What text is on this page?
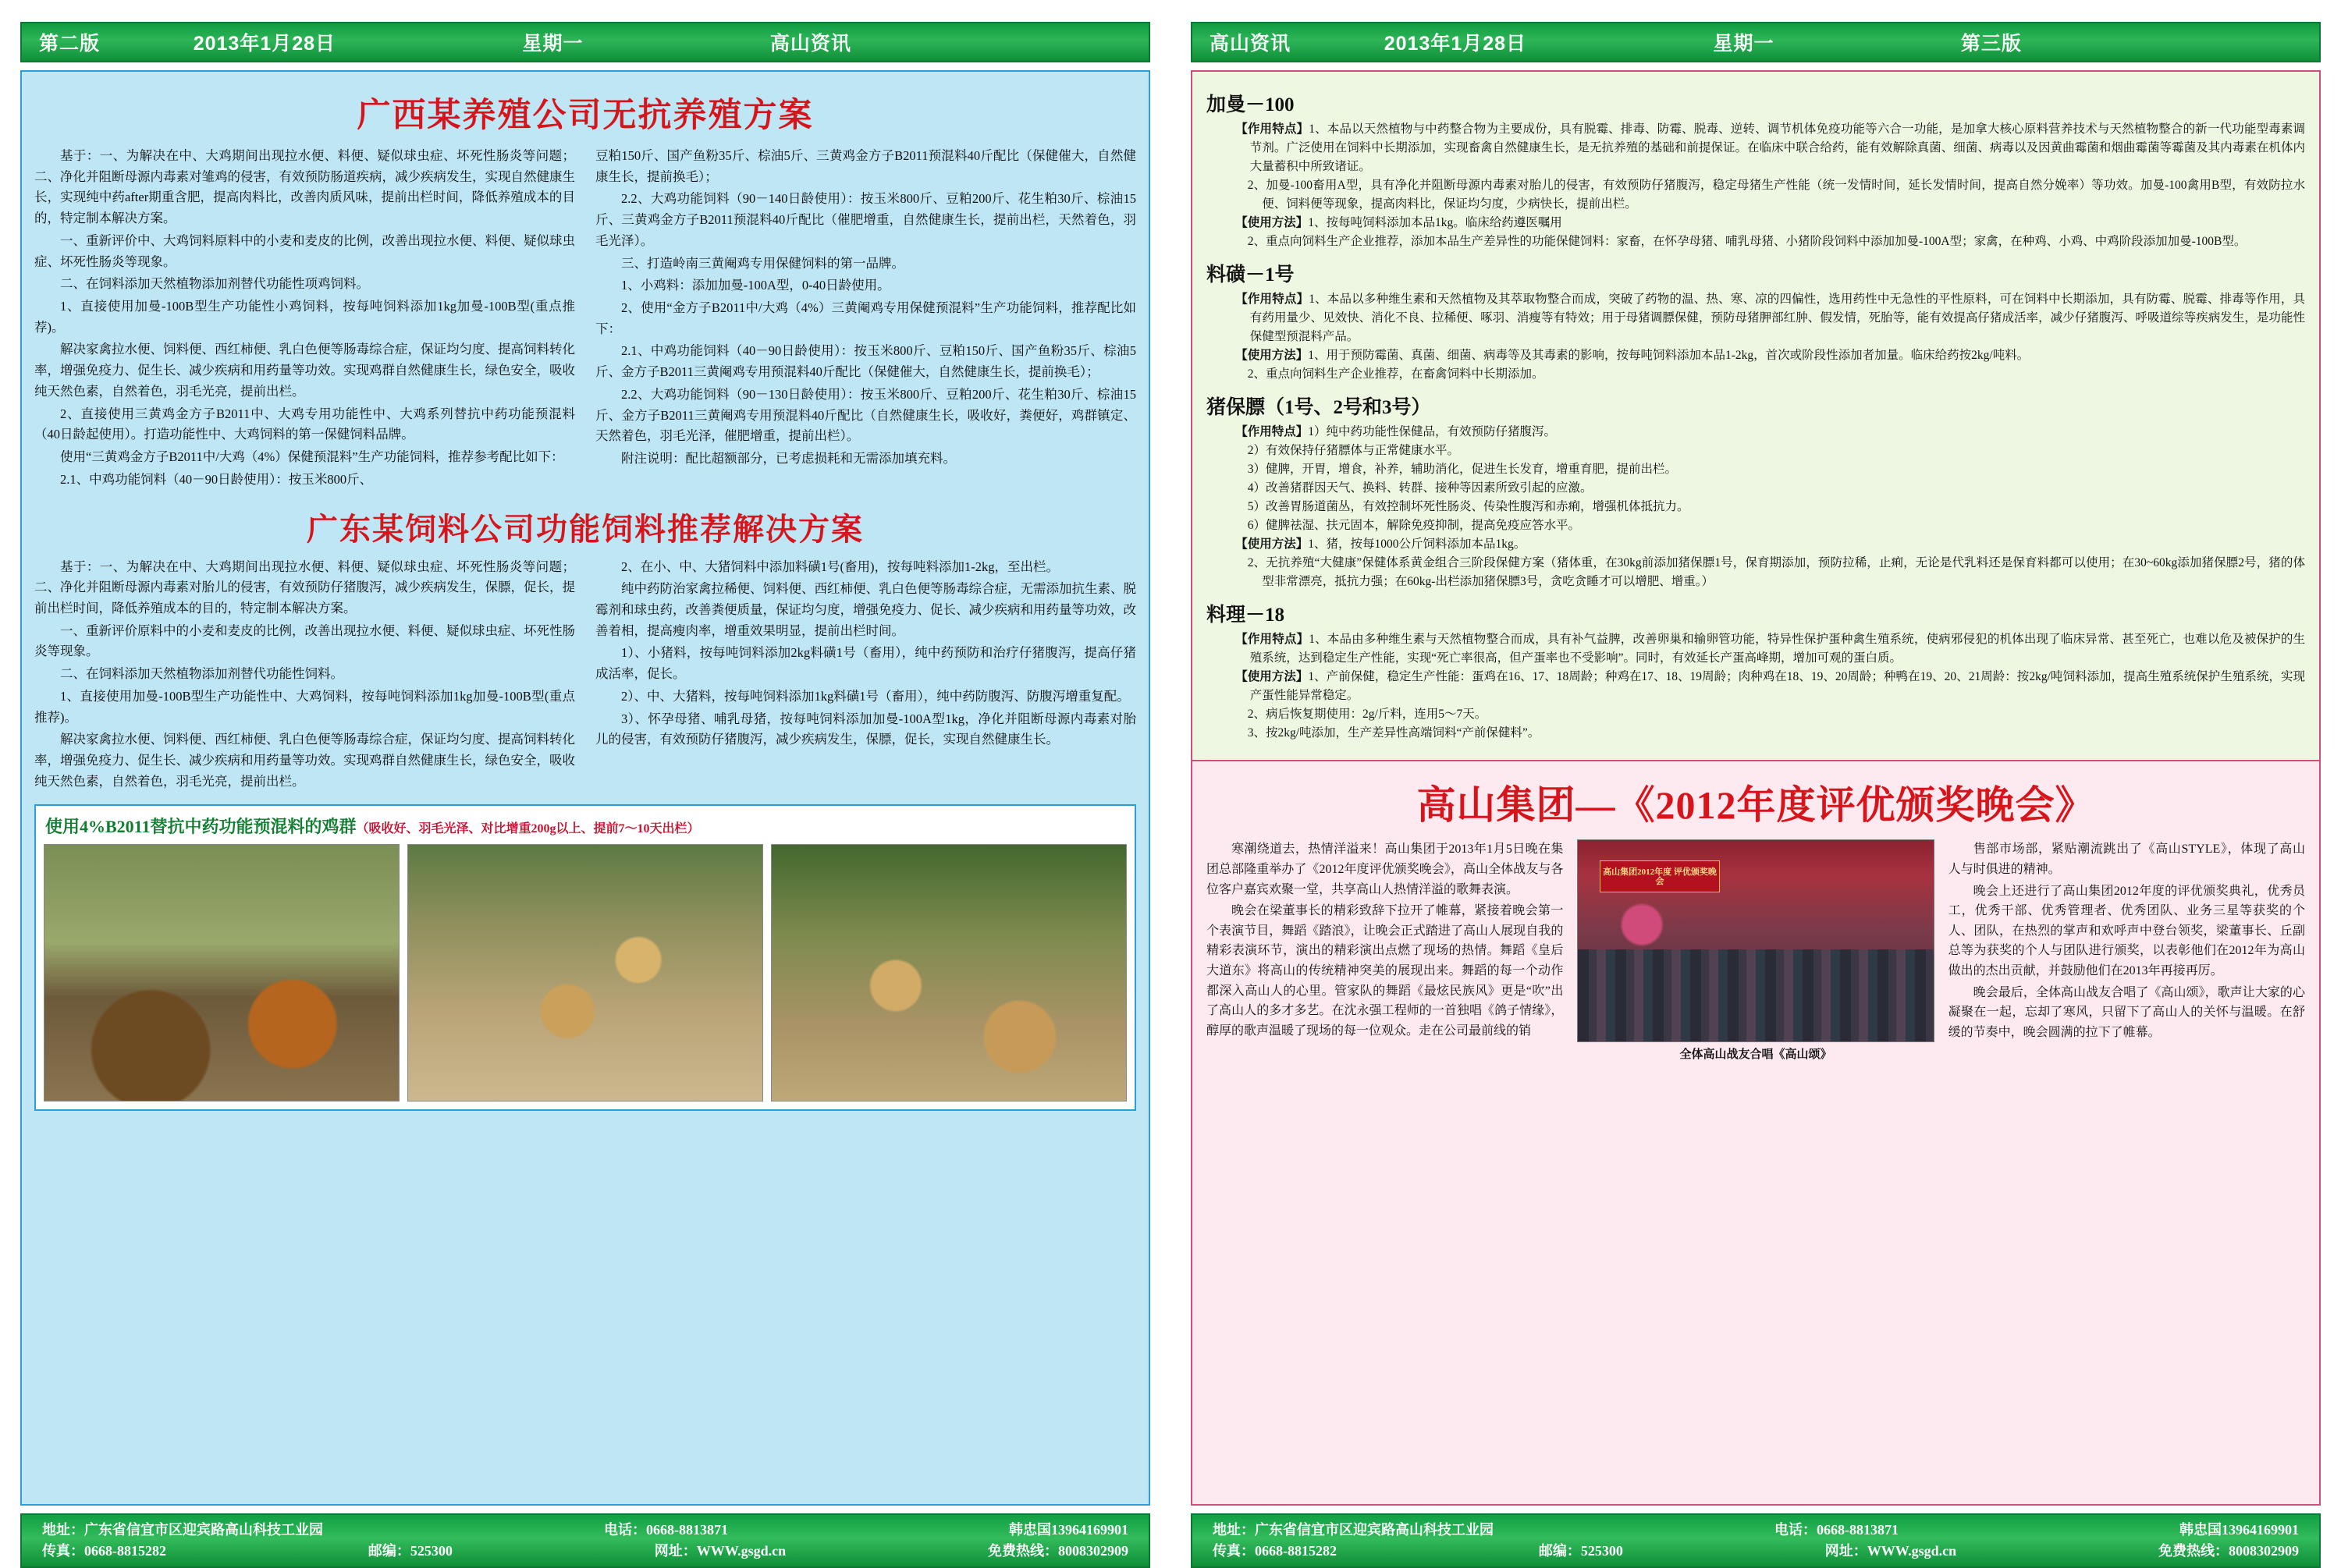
第二版	2013年1月28日	星期一	高山资讯
广西某养殖公司无抗养殖方案

基于：一、为解决在中、大鸡期间出现拉水便、料便、疑似球虫症、坏死性肠炎等问题；二、净化并阻断母源内毒素对雏鸡的侵害，有效预防肠道疾病，减少疾病发生，实现自然健康生长，实现纯中药after期重含肥，提高肉料比，改善肉质风味，提前出栏时间，降低养殖成本的目的，特定制本解决方案。

一、重新评价中、大鸡饲料原料中的小麦和麦皮的比例，改善出现拉水便、料便、疑似球虫症、坏死性肠炎等现象。

二、在饲料添加天然植物添加剂替代功能性项鸡饲料。

1、直接使用加曼-100B型生产功能性小鸡饲料，按每吨饲料添加1kg加曼-100B型(重点推荐)。

解决家禽拉水便、饲料便、西红柿便、乳白色便等肠毒综合症，保证均匀度、提高饲料转化率，增强免疫力、促生长、减少疾病和用药量等功效。实现鸡群自然健康生长，绿色安全，吸收纯天然色素，自然着色，羽毛光亮，提前出栏。

2、直接使用三黄鸡金方子B2011中、大鸡专用功能性中、大鸡系列替抗中药功能预混料（40日龄起使用）。打造功能性中、大鸡饲料的第一保健饲料品牌。

使用“三黄鸡金方子B2011中/大鸡（4%）保健预混料”生产功能饲料，推荐参考配比如下：

2.1、中鸡功能饲料（40－90日龄使用）：按玉米800斤、

豆粕150斤、国产鱼粉35斤、棕油5斤、三黄鸡金方子B2011预混料40斤配比（保健催大，自然健康生长，提前换毛）；

2.2、大鸡功能饲料（90－140日龄使用）：按玉米800斤、豆粕200斤、花生粕30斤、棕油15斤、三黄鸡金方子B2011预混料40斤配比（催肥增重，自然健康生长，提前出栏，天然着色，羽毛光泽）。

三、打造岭南三黄阉鸡专用保健饲料的第一品牌。

1、小鸡料：添加加曼-100A型，0-40日龄使用。

2、使用“金方子B2011中/大鸡（4%）三黄阉鸡专用保健预混料”生产功能饲料，推荐配比如下：

2.1、中鸡功能饲料（40－90日龄使用）：按玉米800斤、豆粕150斤、国产鱼粉35斤、棕油5斤、金方子B2011三黄阉鸡专用预混料40斤配比（保健催大，自然健康生长，提前换毛）；

2.2、大鸡功能饲料（90－130日龄使用）：按玉米800斤、豆粕200斤、花生粕30斤、棕油15斤、金方子B2011三黄阉鸡专用预混料40斤配比（自然健康生长，吸收好，粪便好，鸡群镇定、天然着色，羽毛光泽，催肥增重，提前出栏）。

附注说明：配比超额部分，已考虑损耗和无需添加填充料。

广东某饲料公司功能饲料推荐解决方案

基于：一、为解决在中、大鸡期间出现拉水便、料便、疑似球虫症、坏死性肠炎等问题；二、净化并阻断母源内毒素对胎儿的侵害，有效预防仔猪腹泻，减少疾病发生，保膘，促长，提前出栏时间，降低养殖成本的目的，特定制本解决方案。

一、重新评价原料中的小麦和麦皮的比例，改善出现拉水便、料便、疑似球虫症、坏死性肠炎等现象。

二、在饲料添加天然植物添加剂替代功能性饲料。

1、直接使用加曼-100B型生产功能性中、大鸡饲料，按每吨饲料添加1kg加曼-100B型(重点推荐)。

解决家禽拉水便、饲料便、西红柿便、乳白色便等肠毒综合症，保证均匀度、提高饲料转化率，增强免疫力、促生长、减少疾病和用药量等功效。实现鸡群自然健康生长，绿色安全，吸收纯天然色素，自然着色，羽毛光亮，提前出栏。

2、在小、中、大猪饲料中添加料磺1号(畜用)，按每吨料添加1-2kg，至出栏。

纯中药防治家禽拉稀便、饲料便、西红柿便、乳白色便等肠毒综合症，无需添加抗生素、脱霉剂和球虫药，改善粪便质量，保证均匀度，增强免疫力、促长、减少疾病和用药量等功效，改善着相，提高瘦肉率，增重效果明显，提前出栏时间。

1）、小猪料，按每吨饲料添加2kg料磺1号（畜用），纯中药预防和治疗仔猪腹泻，提高仔猪成活率，促长。

2）、中、大猪料，按每吨饲料添加1kg料磺1号（畜用），纯中药防腹泻、防腹泻增重复配。

3）、怀孕母猪、哺乳母猪，按每吨饲料添加加曼-100A型1kg，净化并阻断母源内毒素对胎儿的侵害，有效预防仔猪腹泻，减少疾病发生，保膘，促长，实现自然健康生长。

使用4%B2011替抗中药功能预混料的鸡群（吸收好、羽毛光泽、对比增重200g以上、提前7～10天出栏）
地址：广东省信宜市区迎宾路高山科技工业园	电话：0668-8813871	韩忠国13964169901
传真：0668-8815282	邮编：525300	网址：WWW.gsgd.cn	免费热线：8008302909
高山资讯	2013年1月28日	星期一	第三版
加曼－100
【作用特点】1、本品以天然植物与中药整合物为主要成份，具有脱霉、排毒、防霉、脱毒、逆转、调节机体免疫功能等六合一功能，是加拿大核心原料营养技术与天然植物整合的新一代功能型毒素调节剂。广泛使用在饲料中长期添加，实现畜禽自然健康生长，是无抗养殖的基础和前提保证。在临床中联合给药，能有效解除真菌、细菌、病毒以及因黄曲霉菌和烟曲霉菌等霉菌及其内毒素在机体内大量蓄积中所致诸证。
2、加曼-100畜用A型，具有净化并阻断母源内毒素对胎儿的侵害，有效预防仔猪腹泻，稳定母猪生产性能（统一发情时间，延长发情时间，提高自然分娩率）等功效。加曼-100禽用B型，有效防拉水便、饲料便等现象，提高肉料比，保证均匀度，少病快长，提前出栏。
【使用方法】1、按每吨饲料添加本品1kg。临床给药遵医嘱用
2、重点向饲料生产企业推荐，添加本品生产差异性的功能保健饲料：家畜，在怀孕母猪、哺乳母猪、小猪阶段饲料中添加加曼-100A型；家禽，在种鸡、小鸡、中鸡阶段添加加曼-100B型。
料磺－1号
【作用特点】1、本品以多种维生素和天然植物及其萃取物整合而成，突破了药物的温、热、寒、凉的四偏性，选用药性中无急性的平性原料，可在饲料中长期添加，具有防霉、脱霉、排毒等作用，具有药用量少、见效快、消化不良、拉稀便、啄羽、消瘦等有特效；用于母猪调膘保健，预防母猪胛部红肿、假发情，死胎等，能有效提高仔猪成活率，减少仔猪腹泻、呼吸道综等疾病发生，是功能性保健型预混料产品。
【使用方法】1、用于预防霉菌、真菌、细菌、病毒等及其毒素的影响，按每吨饲料添加本品1-2kg，首次或阶段性添加者加量。临床给药按2kg/吨料。
2、重点向饲料生产企业推荐，在畜禽饲料中长期添加。
猪保膘（1号、2号和3号）
【作用特点】1）纯中药功能性保健品，有效预防仔猪腹泻。
2）有效保持仔猪膘体与正常健康水平。
3）健脾，开胃，增食，补养，辅助消化，促进生长发育，增重育肥，提前出栏。
4）改善猪群因天气、换料、转群、接种等因素所致引起的应激。
5）改善胃肠道菌丛，有效控制坏死性肠炎、传染性腹泻和赤痢，增强机体抵抗力。
6）健脾祛湿、扶元固本，解除免疫抑制，提高免疫应答水平。
【使用方法】1、猪，按每1000公斤饲料添加本品1kg。
2、无抗养殖“大健康”保健体系黄金组合三阶段保健方案（猪体重，在30kg前添加猪保膘1号，保育期添加，预防拉稀，止痢，无论是代乳料还是保育料都可以使用；在30~60kg添加猪保膘2号，猪的体型非常漂亮，抵抗力强；在60kg-出栏添加猪保膘3号，贪吃贪睡才可以增肥、增重。）
料理－18
【作用特点】1、本品由多种维生素与天然植物整合而成，具有补气益脾，改善卵巢和输卵管功能，特异性保护蛋种禽生殖系统，使病邪侵犯的机体出现了临床异常、甚至死亡，也难以危及被保护的生殖系统，达到稳定生产性能，实现“死亡率很高，但产蛋率也不受影响”。同时，有效延长产蛋高峰期，增加可观的蛋白质。
【使用方法】1、产前保健，稳定生产性能：蛋鸡在16、17、18周龄；种鸡在17、18、19周龄；肉种鸡在18、19、20周龄；种鸭在19、20、21周龄：按2kg/吨饲料添加，提高生殖系统保护生殖系统，实现产蛋性能异常稳定。
2、病后恢复期使用：2g/斤料，连用5～7天。
3、按2kg/吨添加，生产差异性高端饲料“产前保健料”。
高山集团—《2012年度评优颁奖晚会》

寒潮绕道去，热情洋溢来！高山集团于2013年1月5日晚在集团总部隆重举办了《2012年度评优颁奖晚会》，高山全体战友与各位客户嘉宾欢聚一堂，共享高山人热情洋溢的歌舞表演。

晚会在梁董事长的精彩致辞下拉开了帷幕，紧接着晚会第一个表演节目，舞蹈《踏浪》，让晚会正式踏进了高山人展现自我的精彩表演环节，演出的精彩演出点燃了现场的热情。舞蹈《皇后大道东》将高山的传统精神突美的展现出来。舞蹈的每一个动作都深入高山人的心里。管家队的舞蹈《最炫民族风》更是“吹”出了高山人的多才多艺。在沈永强工程师的一首独唱《鸽子情缘》，醇厚的歌声温暖了现场的每一位观众。走在公司最前线的销

高山集团2012年度 评优颁奖晚会
全体高山战友合唱《高山颂》

售部市场部，紧贴潮流跳出了《高山STYLE》，体现了高山人与时俱进的精神。

晚会上还进行了高山集团2012年度的评优颁奖典礼，优秀员工，优秀干部、优秀管理者、优秀团队、业务三星等获奖的个人、团队，在热烈的掌声和欢呼声中登台领奖，梁董事长、丘副总等为获奖的个人与团队进行颁奖，以表彰他们在2012年为高山做出的杰出贡献，并鼓励他们在2013年再接再厉。

晚会最后，全体高山战友合唱了《高山颂》，歌声让大家的心凝聚在一起，忘却了寒风，只留下了高山人的关怀与温暖。在舒缓的节奏中，晚会圆满的拉下了帷幕。

地址：广东省信宜市区迎宾路高山科技工业园	电话：0668-8813871	韩忠国13964169901
传真：0668-8815282	邮编：525300	网址：WWW.gsgd.cn	免费热线：8008302909
